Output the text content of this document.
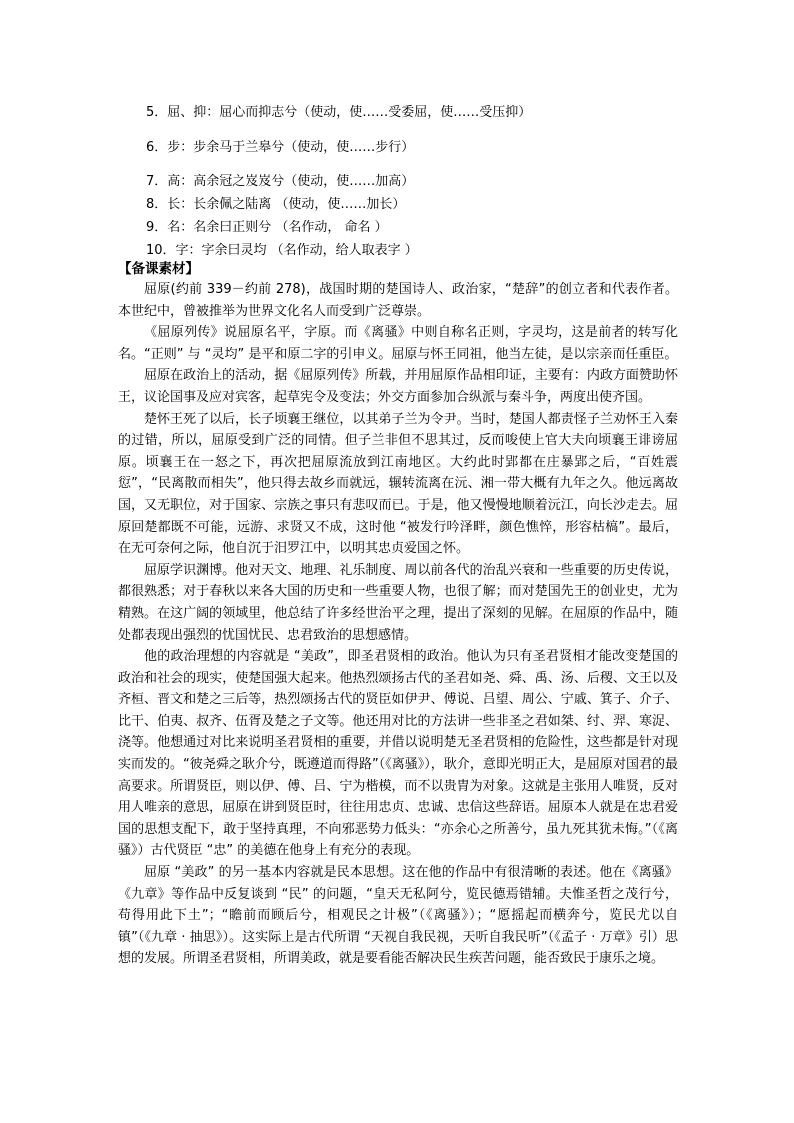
5．屈、抑：屈心而抑志兮（使动，使……受委屈，使……受压抑）
6．步：步余马于兰皋兮（使动，使……步行）
7．高：高余冠之岌岌兮（使动，使……加高）
8．长：长余佩之陆离 （使动，使……加长）
9．名：名余曰正则兮 （名作动， 命名 ）
10．字：字余曰灵均 （名作动，给人取表字 ）
【备课素材】

屈原(约前 339－约前 278)，战国时期的楚国诗人、政治家，“楚辞”的创立者和代表作者。本世纪中，曾被推举为世界文化名人而受到广泛尊崇。

《屈原列传》说屈原名平，字原。而《离骚》中则自称名正则，字灵均，这是前者的转写化名。“正则” 与 “灵均” 是平和原二字的引申义。屈原与怀王同祖，他当左徒，是以宗亲而任重臣。

屈原在政治上的活动，据《屈原列传》所载，并用屈原作品相印证，主要有：内政方面赞助怀王，议论国事及应对宾客，起草宪令及变法；外交方面参加合纵派与秦斗争，两度出使齐国。

楚怀王死了以后，长子顷襄王继位，以其弟子兰为令尹。当时，楚国人都责怪子兰劝怀王入秦的过错，所以，屈原受到广泛的同情。但子兰非但不思其过，反而唆使上官大夫向顷襄王诽谤屈原。顷襄王在一怒之下，再次把屈原流放到江南地区。大约此时郢都在庄暴郢之后，“百姓震愆”，“民离散而相失”，他只得去故乡而就远，辗转流离在沅、湘一带大概有九年之久。他远离故国，又无职位，对于国家、宗族之事只有悲叹而已。于是，他又慢慢地顺着沅江，向长沙走去。屈原回楚都既不可能，远游、求贤又不成，这时他 “被发行吟泽畔，颜色憔悴，形容枯槁”。最后，在无可奈何之际，他自沉于汨罗江中，以明其忠贞爱国之怀。

屈原学识渊博。他对天文、地理、礼乐制度、周以前各代的治乱兴衰和一些重要的历史传说，都很熟悉；对于春秋以来各大国的历史和一些重要人物，也很了解；而对楚国先王的创业史，尤为精熟。在这广阔的领域里，他总结了许多经世治平之理，提出了深刻的见解。在屈原的作品中，随处都表现出强烈的忧国忧民、忠君致治的思想感情。

他的政治理想的内容就是 “美政”，即圣君贤相的政治。他认为只有圣君贤相才能改变楚国的政治和社会的现实，使楚国强大起来。他热烈颂扬古代的圣君如尧、舜、禹、汤、后稷、文王以及齐桓、晋文和楚之三后等，热烈颂扬古代的贤臣如伊尹、傅说、吕望、周公、宁戚、箕子、介子、比干、伯夷、叔齐、伍胥及楚之子文等。他还用对比的方法讲一些非圣之君如桀、纣、羿、寒浞、浇等。他想通过对比来说明圣君贤相的重要，并借以说明楚无圣君贤相的危险性，这些都是针对现实而发的。“彼尧舜之耿介兮，既遵道而得路”（《离骚》），耿介，意即光明正大，是屈原对国君的最高要求。所谓贤臣，则以伊、傅、吕、宁为楷模，而不以贵胄为对象。这就是主张用人唯贤，反对用人唯亲的意思，屈原在讲到贤臣时，往往用忠贞、忠诚、忠信这些辞语。屈原本人就是在忠君爱国的思想支配下，敢于坚持真理，不向邪恶势力低头：“亦余心之所善兮，虽九死其犹未悔。”（《离骚》）古代贤臣 “忠” 的美德在他身上有充分的表现。

屈原 “美政” 的另一基本内容就是民本思想。这在他的作品中有很清晰的表述。他在《离骚》《九章》等作品中反复谈到 “民” 的问题，“皇天无私阿兮，览民德焉错辅。夫惟圣哲之茂行兮，苟得用此下土”；“瞻前而顾后兮，相观民之计极”（《离骚》）；“愿摇起而横奔兮，览民尤以自镇”（《九章 · 抽思》）。这实际上是古代所谓 “天视自我民视，天听自我民听”（《孟子 · 万章》引）思想的发展。所谓圣君贤相，所谓美政，就是要看能否解决民生疾苦问题，能否致民于康乐之境。
